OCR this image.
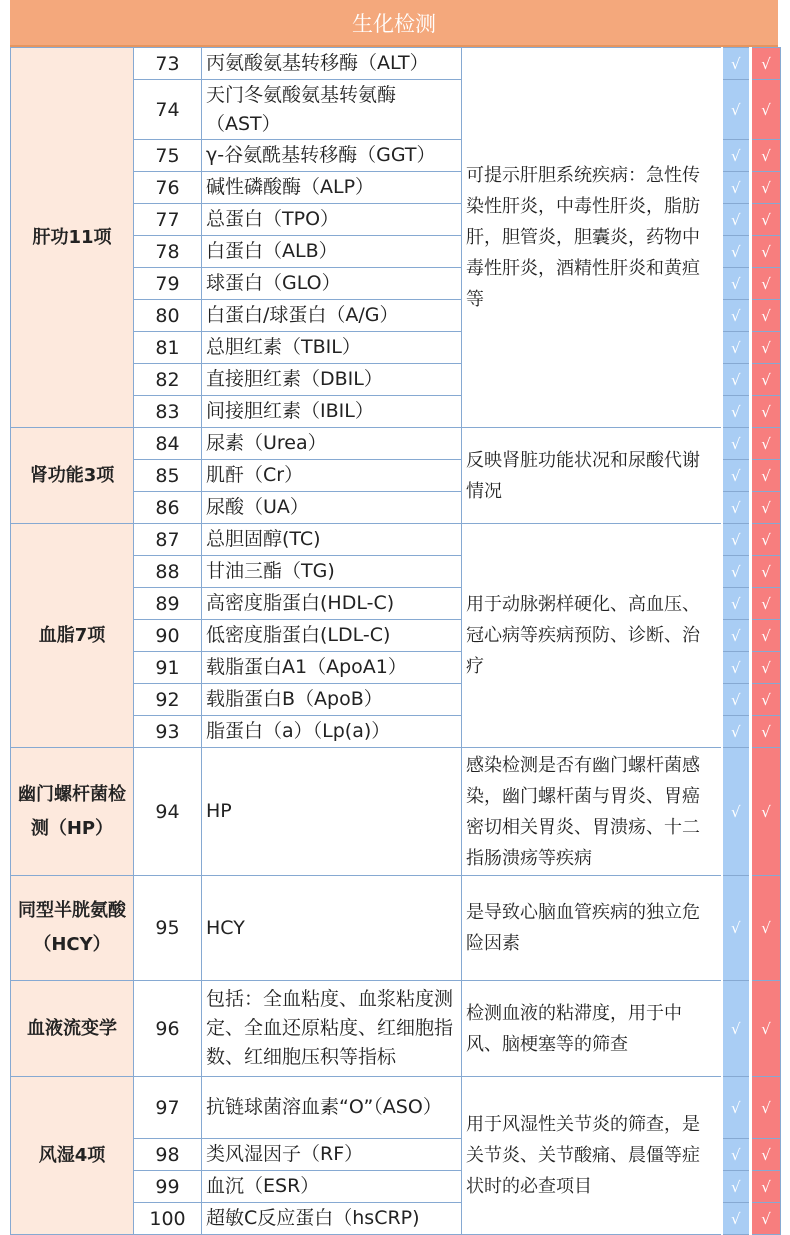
生化检测
肝功11项	73	丙氨酸氨基转移酶（ALT）	可提示肝胆系统疾病：急性传染性肝炎，中毒性肝炎，脂肪肝，胆管炎，胆囊炎，药物中毒性肝炎，酒精性肝炎和黄疸等	√	√
	74	天门冬氨酸氨基转氨酶（AST）		√	√
	75	γ-谷氨酰基转移酶（GGT）		√	√
	76	碱性磷酸酶（ALP）		√	√
	77	总蛋白（TPO）		√	√
	78	白蛋白（ALB）		√	√
	79	球蛋白（GLO）		√	√
	80	白蛋白/球蛋白（A/G）		√	√
	81	总胆红素（TBIL）		√	√
	82	直接胆红素（DBIL）		√	√
	83	间接胆红素（IBIL）		√	√
肾功能3项	84	尿素（Urea）	反映肾脏功能状况和尿酸代谢情况	√	√
	85	肌酐（Cr）		√	√
	86	尿酸（UA）		√	√
血脂7项	87	总胆固醇(TC)	用于动脉粥样硬化、高血压、冠心病等疾病预防、诊断、治疗	√	√
	88	甘油三酯（TG)		√	√
	89	高密度脂蛋白(HDL-C)		√	√
	90	低密度脂蛋白(LDL-C)		√	√
	91	载脂蛋白A1（ApoA1）		√	√
	92	载脂蛋白B（ApoB）		√	√
	93	脂蛋白（a）（Lp(a)）		√	√
幽门螺杆菌检测（HP）	94	HP	感染检测是否有幽门螺杆菌感染，幽门螺杆菌与胃炎、胃癌密切相关胃炎、胃溃疡、十二指肠溃疡等疾病	√	√
同型半胱氨酸（HCY）	95	HCY	是导致心脑血管疾病的独立危险因素	√	√
血液流变学	96	包括：全血粘度、血浆粘度测定、全血还原粘度、红细胞指数、红细胞压积等指标	检测血液的粘滞度，用于中风、脑梗塞等的筛查	√	√
风湿4项	97	抗链球菌溶血素“O”（ASO）	用于风湿性关节炎的筛查，是关节炎、关节酸痛、晨僵等症状时的必查项目	√	√
	98	类风湿因子（RF）		√	√
	99	血沉（ESR）		√	√
	100	超敏C反应蛋白（hsCRP)		√	√
